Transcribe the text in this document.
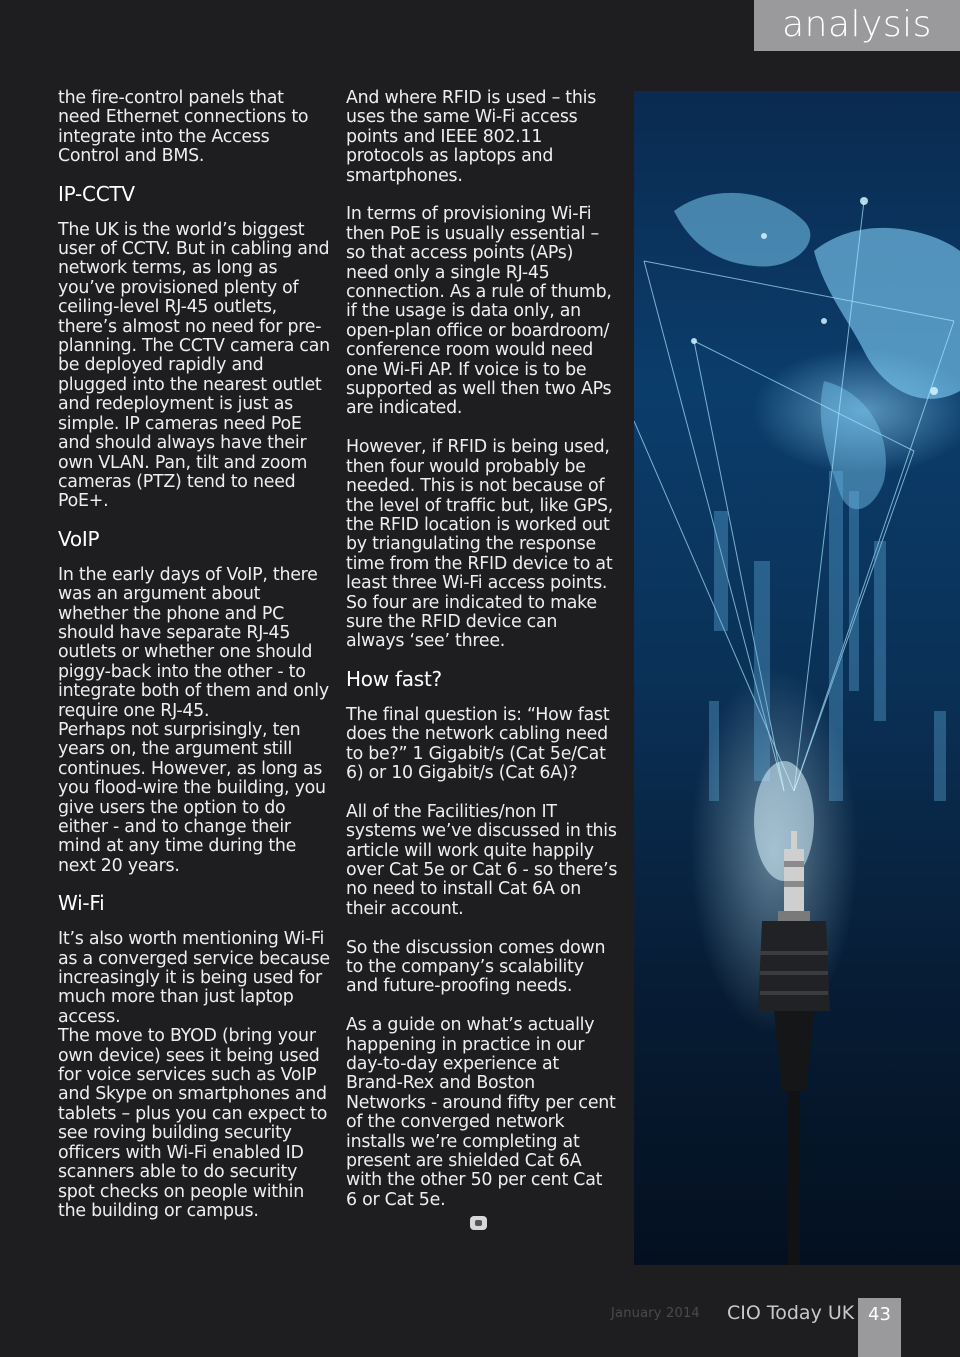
analysis

the fire-control panels that need Ethernet connections to integrate into the Access Control and BMS.

IP-CCTV

The UK is the world’s biggest user of CCTV. But in cabling and network terms, as long as you’ve provisioned plenty of ceiling-level RJ-45 outlets, there’s almost no need for pre-planning. The CCTV camera can be deployed rapidly and plugged into the nearest outlet and redeployment is just as simple. IP cameras need PoE and should always have their own VLAN. Pan, tilt and zoom cameras (PTZ) tend to need PoE+.

VoIP

In the early days of VoIP, there was an argument about whether the phone and PC should have separate RJ-45 outlets or whether one should piggy-back into the other - to integrate both of them and only require one RJ-45.

Perhaps not surprisingly, ten years on, the argument still continues. However, as long as you flood-wire the building, you give users the option to do either - and to change their mind at any time during the next 20 years.

Wi-Fi

It’s also worth mentioning Wi-Fi as a converged service because increasingly it is being used for much more than just laptop access.

The move to BYOD (bring your own device) sees it being used for voice services such as VoIP and Skype on smartphones and tablets – plus you can expect to see roving building security officers with Wi-Fi enabled ID scanners able to do security spot checks on people within the building or campus.

And where RFID is used – this uses the same Wi-Fi access points and IEEE 802.11 protocols as laptops and smartphones.

In terms of provisioning Wi-Fi then PoE is usually essential – so that access points (APs) need only a single RJ-45 connection. As a rule of thumb, if the usage is data only, an open-plan office or boardroom/ conference room would need one Wi-Fi AP. If voice is to be supported as well then two APs are indicated.

However, if RFID is being used, then four would probably be needed. This is not because of the level of traffic but, like GPS, the RFID location is worked out by triangulating the response time from the RFID device to at least three Wi-Fi access points. So four are indicated to make sure the RFID device can always ‘see’ three.

How fast?

The final question is: “How fast does the network cabling need to be?” 1 Gigabit/s (Cat 5e/Cat 6) or 10 Gigabit/s (Cat 6A)?

All of the Facilities/non IT systems we’ve discussed in this article will work quite happily over Cat 5e or Cat 6 - so there’s no need to install Cat 6A on their account.

So the discussion comes down to the company’s scalability and future-proofing needs.

As a guide on what’s actually happening in practice in our day-to-day experience at Brand-Rex and Boston Networks - around fifty per cent of the converged network installs we’re completing at present are shielded Cat 6A with the other 50 per cent Cat 6 or Cat 5e.

January 2014 CIO Today UK 43
